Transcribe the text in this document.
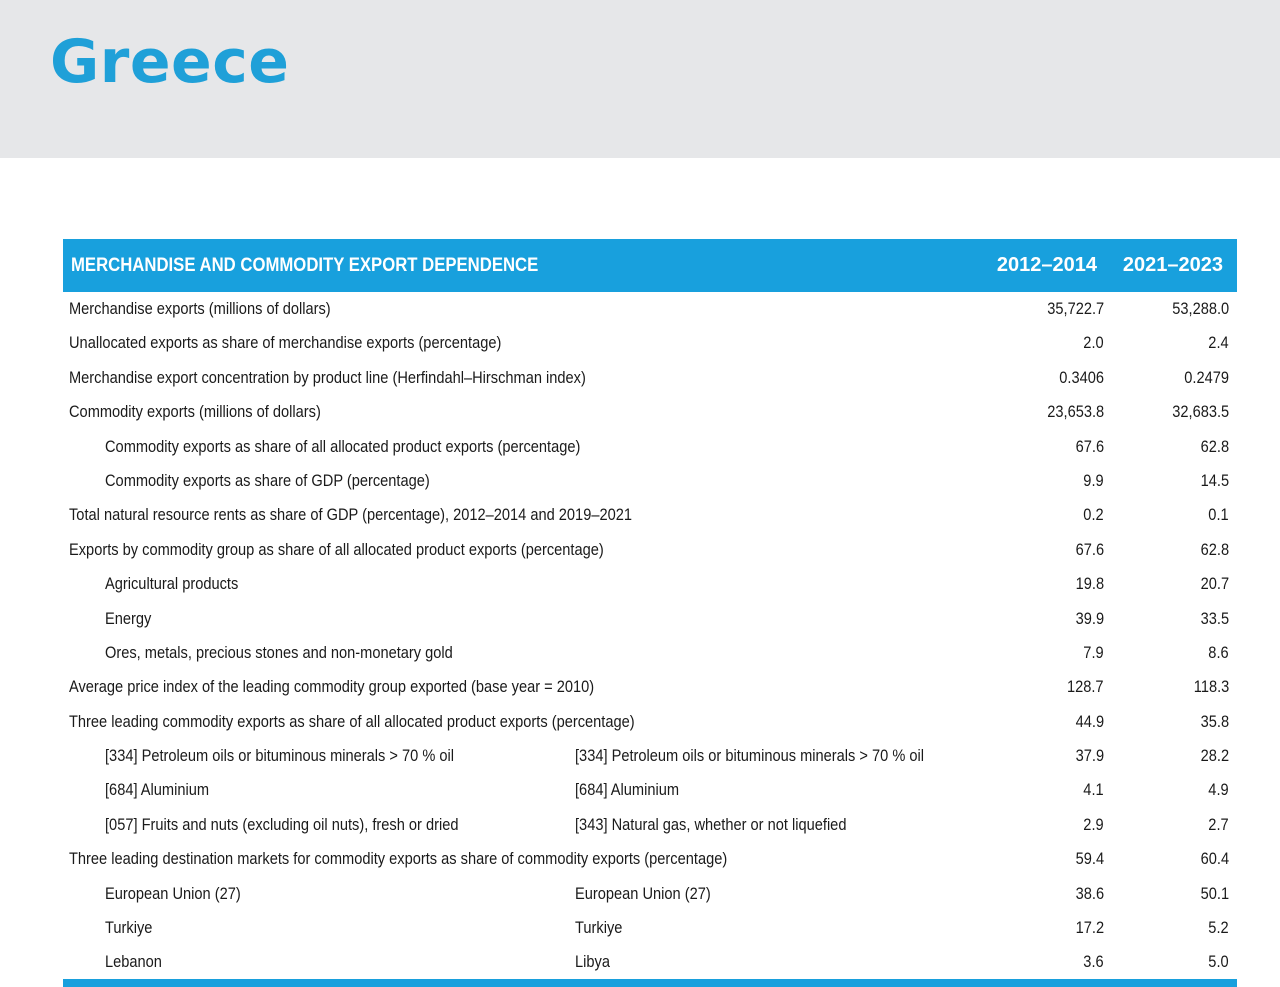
Greece
MERCHANDISE AND COMMODITY EXPORT DEPENDENCE	2012–2014 2021–2023
Merchandise exports (millions of dollars)	35,722.7	53,288.0
Unallocated exports as share of merchandise exports (percentage)	2.0	2.4
Merchandise export concentration by product line (Herfindahl–Hirschman index)	0.3406	0.2479
Commodity exports (millions of dollars)	23,653.8	32,683.5
Commodity exports as share of all allocated product exports (percentage)	67.6	62.8
Commodity exports as share of GDP (percentage)	9.9	14.5
Total natural resource rents as share of GDP (percentage), 2012–2014 and 2019–2021	0.2	0.1
Exports by commodity group as share of all allocated product exports (percentage)	67.6	62.8
Agricultural products	19.8	20.7
Energy	39.9	33.5
Ores, metals, precious stones and non-monetary gold	7.9	8.6
Average price index of the leading commodity group exported (base year = 2010)	128.7	118.3
Three leading commodity exports as share of all allocated product exports (percentage)	44.9	35.8
[334] Petroleum oils or bituminous minerals > 70 % oil	[334] Petroleum oils or bituminous minerals > 70 % oil	37.9	28.2
[684] Aluminium	[684] Aluminium	4.1	4.9
[057] Fruits and nuts (excluding oil nuts), fresh or dried	[343] Natural gas, whether or not liquefied	2.9	2.7
Three leading destination markets for commodity exports as share of commodity exports (percentage)	59.4	60.4
European Union (27)	European Union (27)	38.6	50.1
Turkiye	Turkiye	17.2	5.2
Lebanon	Libya	3.6	5.0
